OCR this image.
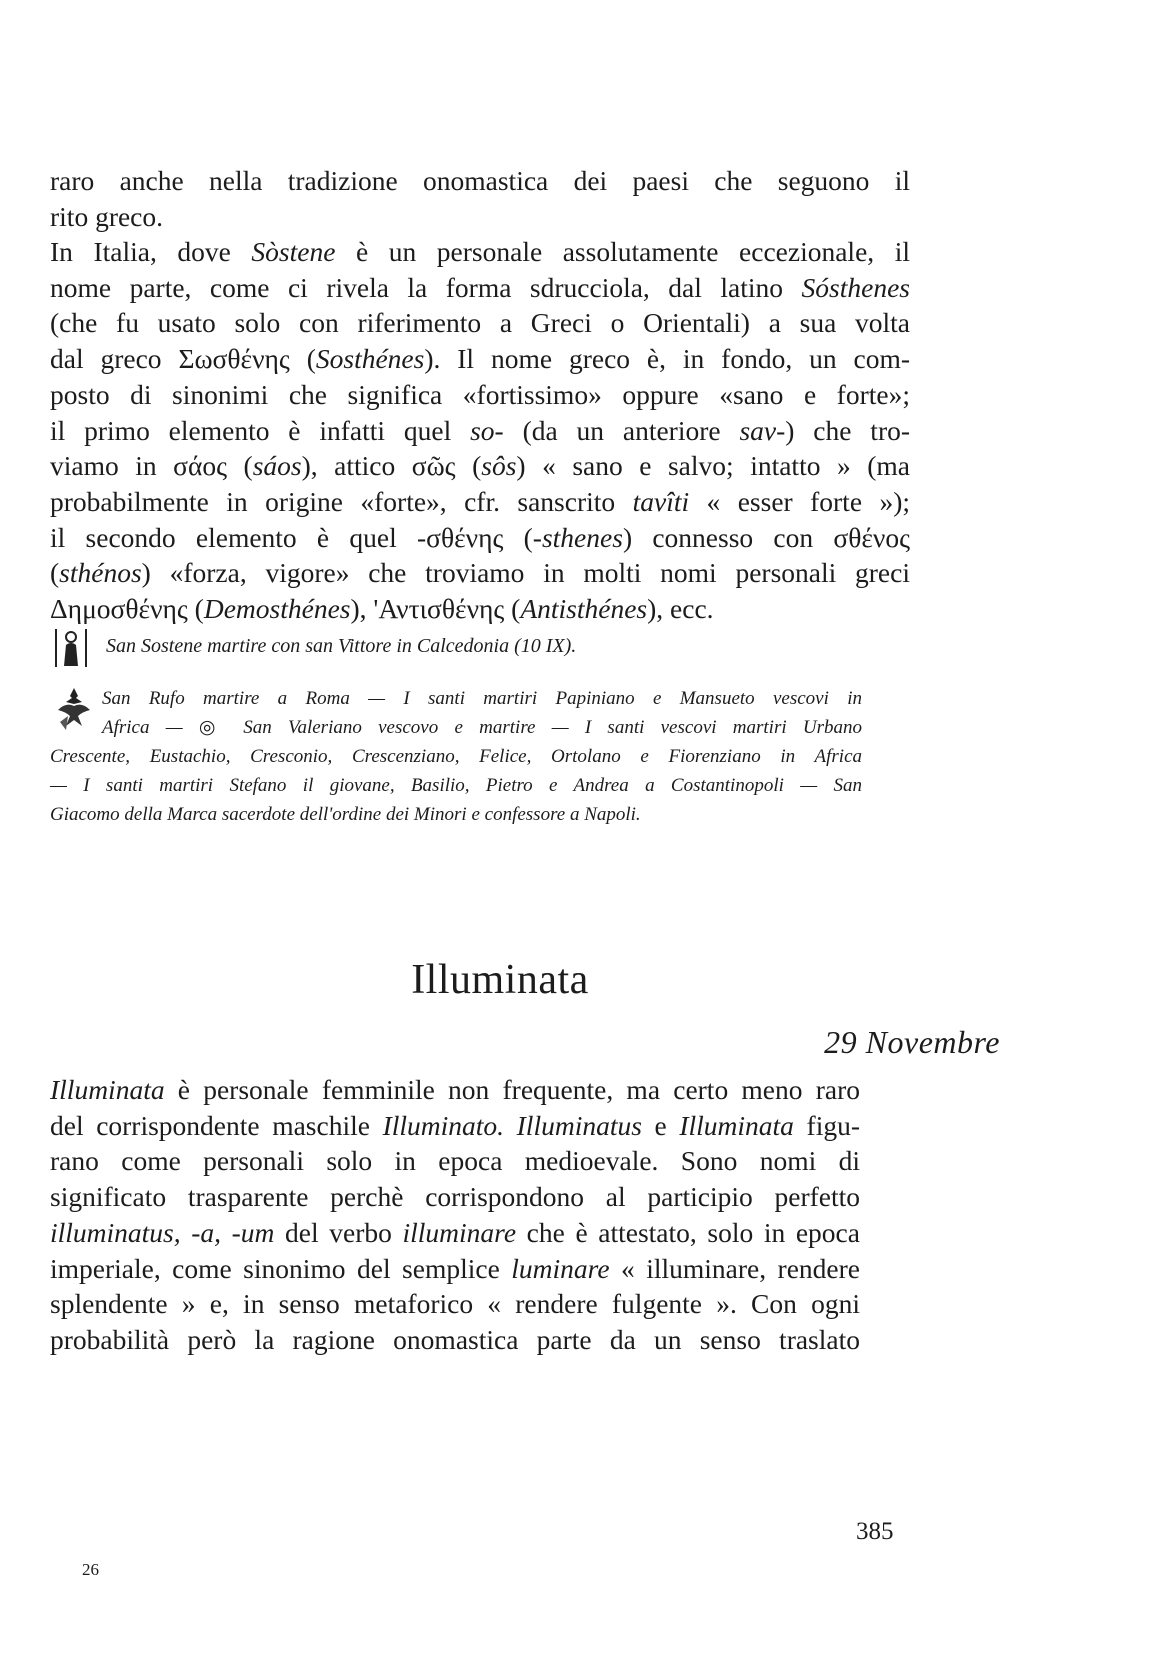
raro anche nella tradizione onomastica dei paesi che seguono il
rito greco.
In Italia, dove Sòstene è un personale assolutamente eccezionale, il
nome parte, come ci rivela la forma sdrucciola, dal latino Sósthenes
(che fu usato solo con riferimento a Greci o Orientali) a sua volta
dal greco Σωσθένης (Sosthénes). Il nome greco è, in fondo, un com-
posto di sinonimi che significa «fortissimo» oppure «sano e forte»;
il primo elemento è infatti quel so- (da un anteriore sav-) che tro-
viamo in σάος (sáos), attico σῶς (sôs) « sano e salvo; intatto » (ma
probabilmente in origine «forte», cfr. sanscrito tavîti « esser forte »);
il secondo elemento è quel -σθένης (-sthenes) connesso con σθένος
(sthénos) «forza, vigore» che troviamo in molti nomi personali greci
Δημοσθένης (Demosthénes), 'Αντισθένης (Antisthénes), ecc.
San Sostene martire con san Vittore in Calcedonia (10 IX).
San Rufo martire a Roma — I santi martiri Papiniano e Mansueto vescovi in
Africa — ◎ San Valeriano vescovo e martire — I santi vescovi martiri Urbano
Crescente, Eustachio, Cresconio, Crescenziano, Felice, Ortolano e Fiorenziano in Africa
— I santi martiri Stefano il giovane, Basilio, Pietro e Andrea a Costantinopoli — San
Giacomo della Marca sacerdote dell'ordine dei Minori e confessore a Napoli.
Illuminata
29 Novembre
Illuminata è personale femminile non frequente, ma certo meno raro
del corrispondente maschile Illuminato. Illuminatus e Illuminata figu-
rano come personali solo in epoca medioevale. Sono nomi di
significato trasparente perchè corrispondono al participio perfetto
illuminatus, -a, -um del verbo illuminare che è attestato, solo in epoca
imperiale, come sinonimo del semplice luminare « illuminare, rendere
splendente » e, in senso metaforico « rendere fulgente ». Con ogni
probabilità però la ragione onomastica parte da un senso traslato
385
26
